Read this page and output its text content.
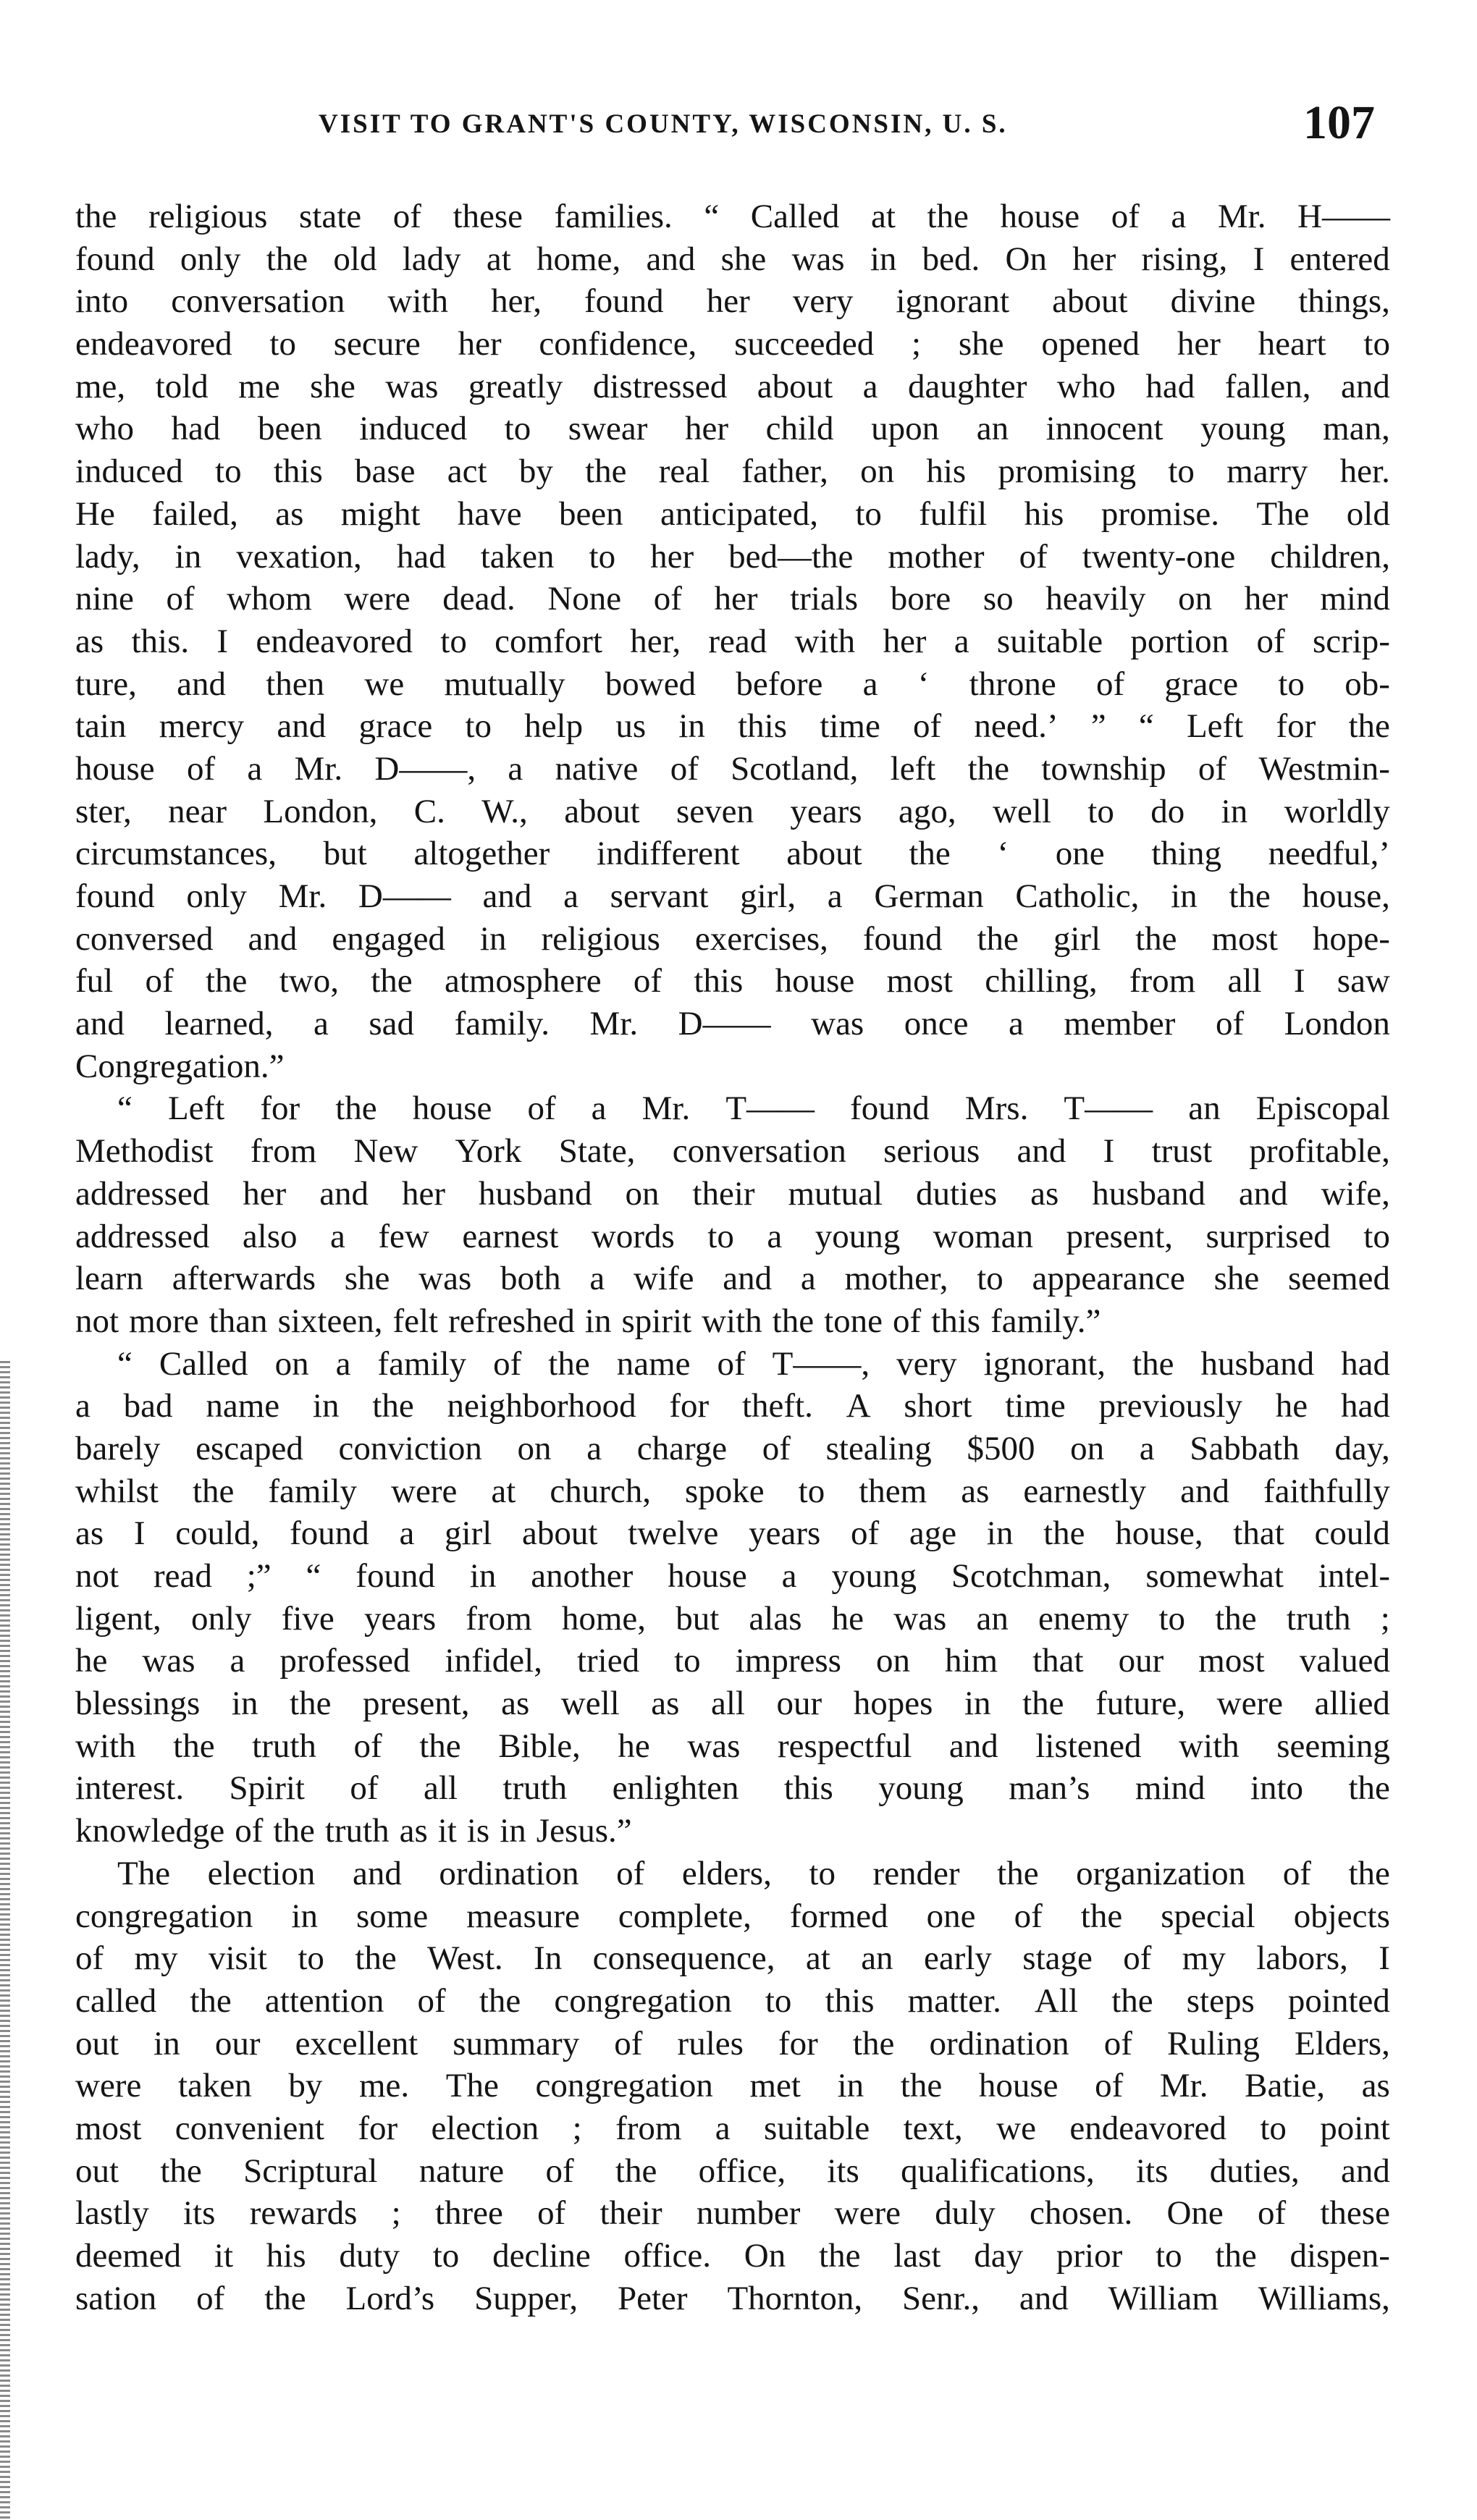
VISIT TO GRANT'S COUNTY, WISCONSIN, U. S.	107
the religious state of these families. “ Called at the house of a Mr. H——
found only the old lady at home, and she was in bed. On her rising, I entered
into conversation with her, found her very ignorant about divine things,
endeavored to secure her confidence, succeeded ; she opened her heart to
me, told me she was greatly distressed about a daughter who had fallen, and
who had been induced to swear her child upon an innocent young man,
induced to this base act by the real father, on his promising to marry her.
He failed, as might have been anticipated, to fulfil his promise. The old
lady, in vexation, had taken to her bed—the mother of twenty-one children,
nine of whom were dead. None of her trials bore so heavily on her mind
as this. I endeavored to comfort her, read with her a suitable portion of scrip-
ture, and then we mutually bowed before a ‘ throne of grace to ob-
tain mercy and grace to help us in this time of need.’ ” “ Left for the
house of a Mr. D——, a native of Scotland, left the township of Westmin-
ster, near London, C. W., about seven years ago, well to do in worldly
circumstances, but altogether indifferent about the ‘ one thing needful,’
found only Mr. D—— and a servant girl, a German Catholic, in the house,
conversed and engaged in religious exercises, found the girl the most hope-
ful of the two, the atmosphere of this house most chilling, from all I saw
and learned, a sad family. Mr. D—— was once a member of London
Congregation.”
“ Left for the house of a Mr. T—— found Mrs. T—— an Episcopal
Methodist from New York State, conversation serious and I trust profitable,
addressed her and her husband on their mutual duties as husband and wife,
addressed also a few earnest words to a young woman present, surprised to
learn afterwards she was both a wife and a mother, to appearance she seemed
not more than sixteen, felt refreshed in spirit with the tone of this family.”
“ Called on a family of the name of T——, very ignorant, the husband had
a bad name in the neighborhood for theft. A short time previously he had
barely escaped conviction on a charge of stealing $500 on a Sabbath day,
whilst the family were at church, spoke to them as earnestly and faithfully
as I could, found a girl about twelve years of age in the house, that could
not read ;” “ found in another house a young Scotchman, somewhat intel-
ligent, only five years from home, but alas he was an enemy to the truth ;
he was a professed infidel, tried to impress on him that our most valued
blessings in the present, as well as all our hopes in the future, were allied
with the truth of the Bible, he was respectful and listened with seeming
interest. Spirit of all truth enlighten this young man’s mind into the
knowledge of the truth as it is in Jesus.”
The election and ordination of elders, to render the organization of the
congregation in some measure complete, formed one of the special objects
of my visit to the West. In consequence, at an early stage of my labors, I
called the attention of the congregation to this matter. All the steps pointed
out in our excellent summary of rules for the ordination of Ruling Elders,
were taken by me. The congregation met in the house of Mr. Batie, as
most convenient for election ; from a suitable text, we endeavored to point
out the Scriptural nature of the office, its qualifications, its duties, and
lastly its rewards ; three of their number were duly chosen. One of these
deemed it his duty to decline office. On the last day prior to the dispen-
sation of the Lord’s Supper, Peter Thornton, Senr., and William Williams,
